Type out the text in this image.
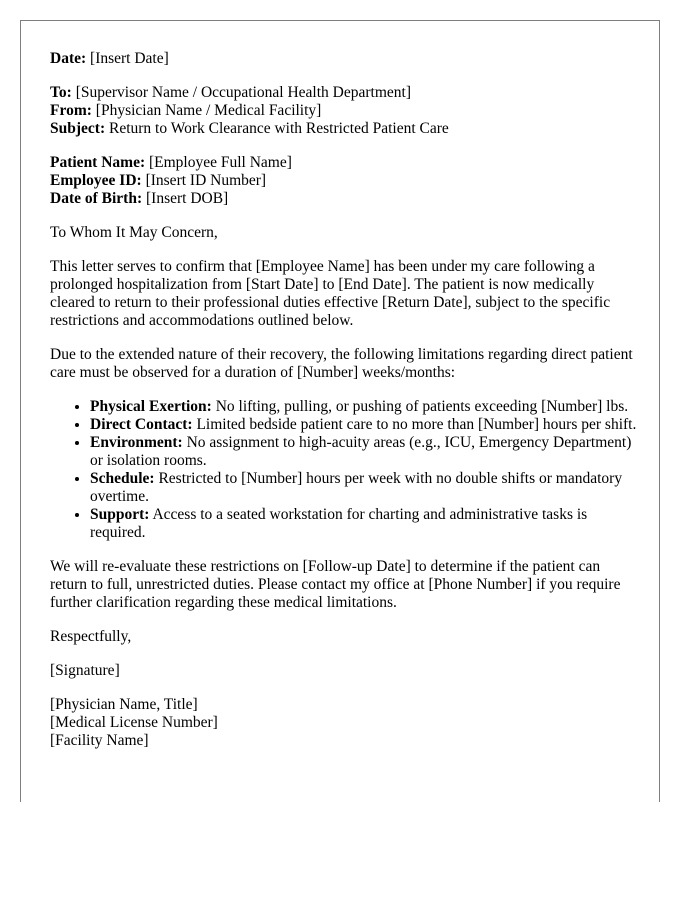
Date: [Insert Date]

To: [Supervisor Name / Occupational Health Department]
From: [Physician Name / Medical Facility]
Subject: Return to Work Clearance with Restricted Patient Care

Patient Name: [Employee Full Name]
Employee ID: [Insert ID Number]
Date of Birth: [Insert DOB]

To Whom It May Concern,

This letter serves to confirm that [Employee Name] has been under my care following a prolonged hospitalization from [Start Date] to [End Date]. The patient is now medically cleared to return to their professional duties effective [Return Date], subject to the specific restrictions and accommodations outlined below.

Due to the extended nature of their recovery, the following limitations regarding direct patient care must be observed for a duration of [Number] weeks/months:

• Physical Exertion: No lifting, pulling, or pushing of patients exceeding [Number] lbs.
• Direct Contact: Limited bedside patient care to no more than [Number] hours per shift.
• Environment: No assignment to high-acuity areas (e.g., ICU, Emergency Department) or isolation rooms.
• Schedule: Restricted to [Number] hours per week with no double shifts or mandatory overtime.
• Support: Access to a seated workstation for charting and administrative tasks is required.

We will re-evaluate these restrictions on [Follow-up Date] to determine if the patient can return to full, unrestricted duties. Please contact my office at [Phone Number] if you require further clarification regarding these medical limitations.

Respectfully,

[Signature]

[Physician Name, Title]
[Medical License Number]
[Facility Name]
